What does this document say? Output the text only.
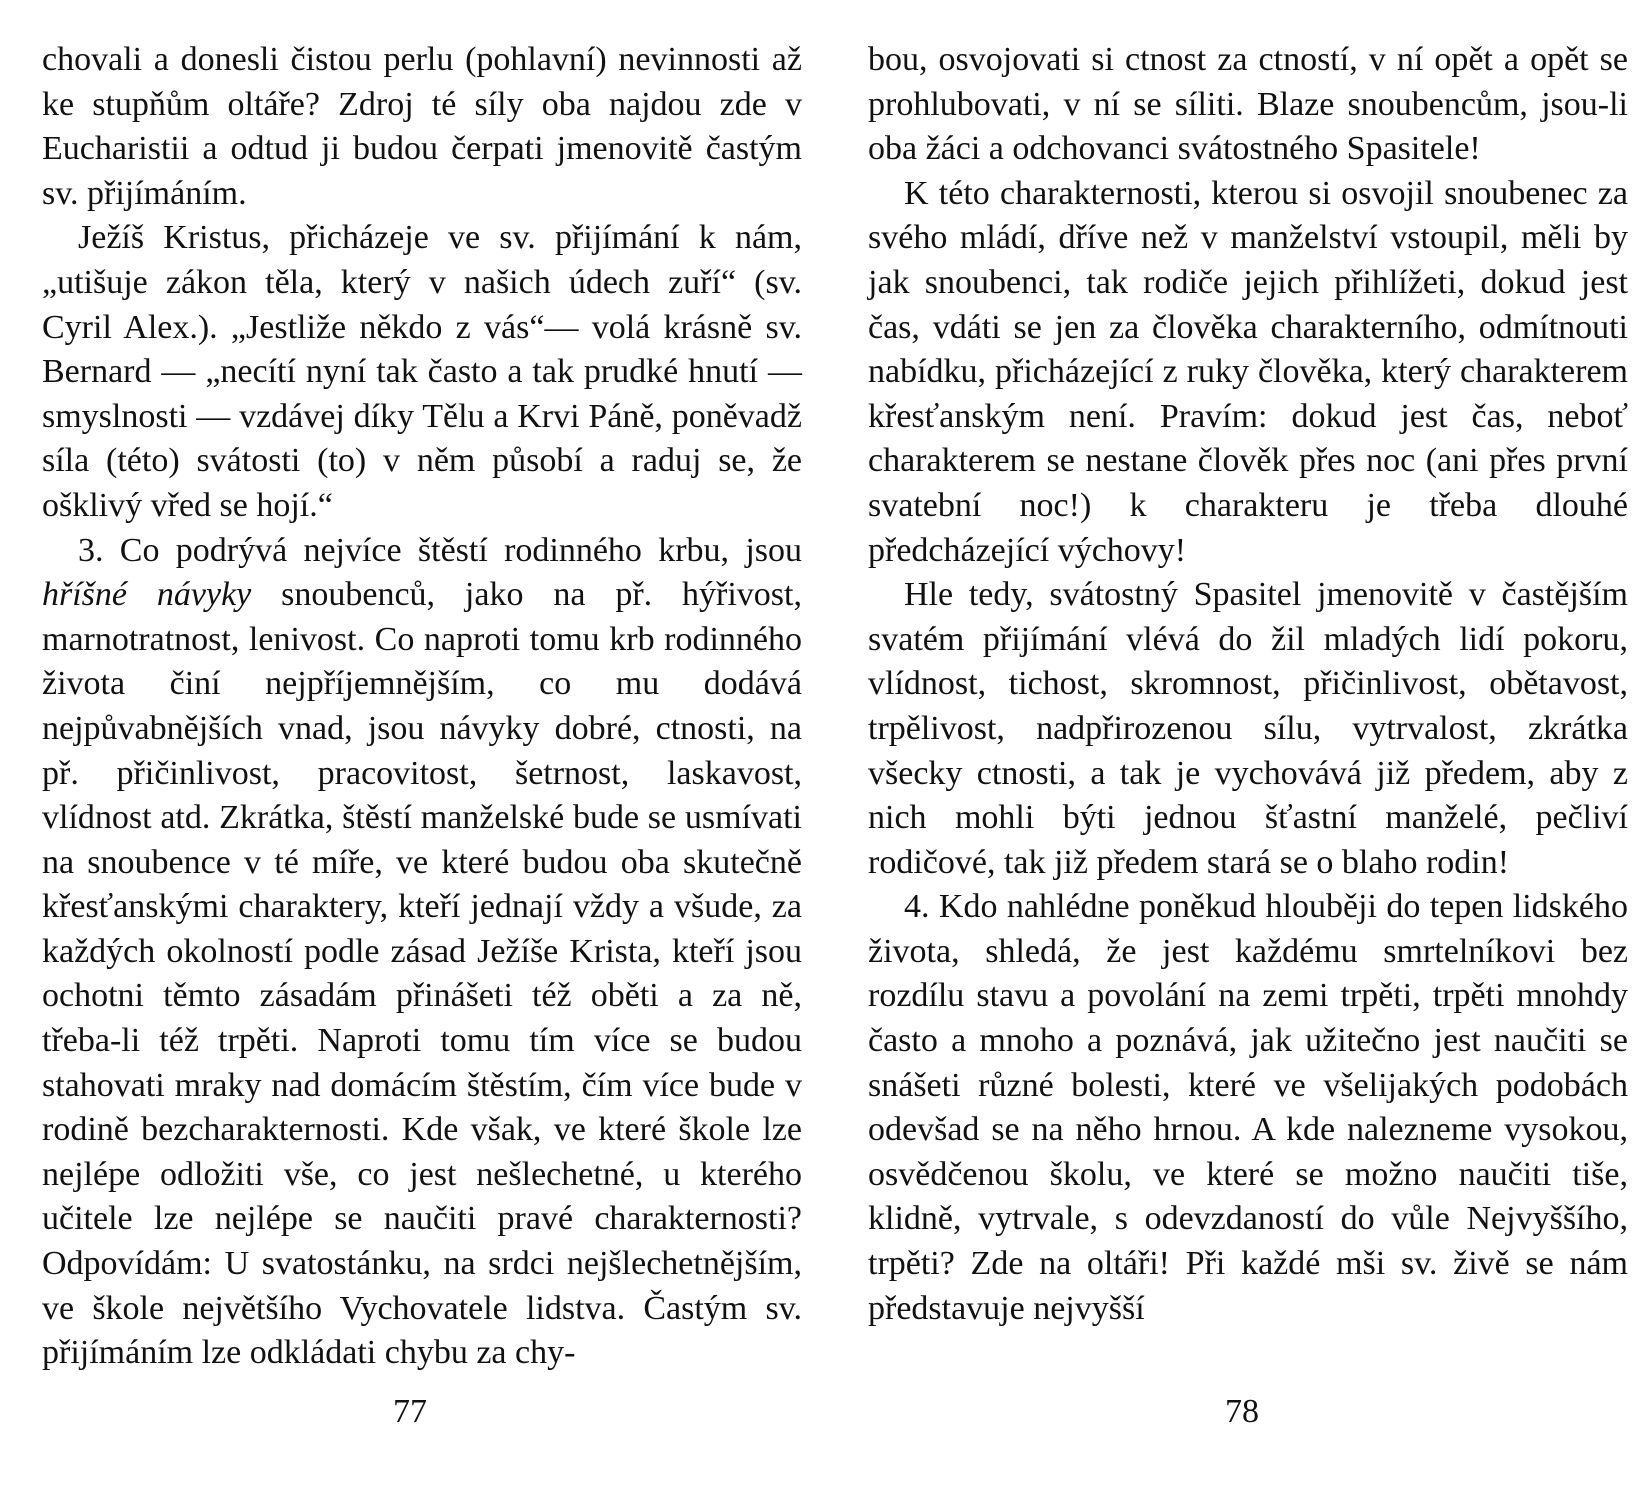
chovali a donesli čistou perlu (pohlavní) nevinnosti až ke stupňům oltáře? Zdroj té síly oba najdou zde v Eucharistii a odtud ji budou čerpati jmenovitě častým sv. přijímáním.

Ježíš Kristus, přicházeje ve sv. přijímání k nám, „utišuje zákon těla, který v našich údech zuří“ (sv. Cyril Alex.). „Jestliže někdo z vás“— volá krásně sv. Bernard — „necítí nyní tak často a tak prudké hnutí — smyslnosti — vzdávej díky Tělu a Krvi Páně, poněvadž síla (této) svátosti (to) v něm působí a raduj se, že ošklivý vřed se hojí.“

3. Co podrývá nejvíce štěstí rodinného krbu, jsou hříšné návyky snoubenců, jako na př. hýřivost, marnotratnost, lenivost. Co naproti tomu krb rodinného života činí nejpříjemnějším, co mu dodává nejpůvabnějších vnad, jsou návyky dobré, ctnosti, na př. přičinlivost, pracovitost, šetrnost, laskavost, vlídnost atd. Zkrátka, štěstí manželské bude se usmívati na snoubence v té míře, ve které budou oba skutečně křesťanskými charaktery, kteří jednají vždy a všude, za každých okolností podle zásad Ježíše Krista, kteří jsou ochotni těmto zásadám přinášeti též oběti a za ně, třeba-li též trpěti. Naproti tomu tím více se budou stahovati mraky nad domácím štěstím, čím více bude v rodině bezcharakternosti. Kde však, ve které škole lze nejlépe odložiti vše, co jest nešlechetné, u kterého učitele lze nejlépe se naučiti pravé charakternosti? Odpovídám: U svatostánku, na srdci nejšlechetnějším, ve škole největšího Vychovatele lidstva. Častým sv. přijímáním lze odkládati chybu za chy-

bou, osvojovati si ctnost za ctností, v ní opět a opět se prohlubovati, v ní se síliti. Blaze snoubencům, jsou-li oba žáci a odchovanci svátostného Spasitele!

K této charakternosti, kterou si osvojil snoubenec za svého mládí, dříve než v manželství vstoupil, měli by jak snoubenci, tak rodiče jejich přihlížeti, dokud jest čas, vdáti se jen za člověka charakterního, odmítnouti nabídku, přicházející z ruky člověka, který charakterem křesťanským není. Pravím: dokud jest čas, neboť charakterem se nestane člověk přes noc (ani přes první svatební noc!) k charakteru je třeba dlouhé předcházející výchovy!

Hle tedy, svátostný Spasitel jmenovitě v častějším svatém přijímání vlévá do žil mladých lidí pokoru, vlídnost, tichost, skromnost, přičinlivost, obětavost, trpělivost, nadpřirozenou sílu, vytrvalost, zkrátka všecky ctnosti, a tak je vychovává již předem, aby z nich mohli býti jednou šťastní manželé, pečliví rodičové, tak již předem stará se o blaho rodin!

4. Kdo nahlédne poněkud hlouběji do tepen lidského života, shledá, že jest každému smrtelníkovi bez rozdílu stavu a povolání na zemi trpěti, trpěti mnohdy často a mnoho a poznává, jak užitečno jest naučiti se snášeti různé bolesti, které ve všelijakých podobách odevšad se na něho hrnou. A kde nalezneme vysokou, osvědčenou školu, ve které se možno naučiti tiše, klidně, vytrvale, s odevzdaností do vůle Nejvyššího, trpěti? Zde na oltáři! Při každé mši sv. živě se nám představuje nejvyšší

77	78
